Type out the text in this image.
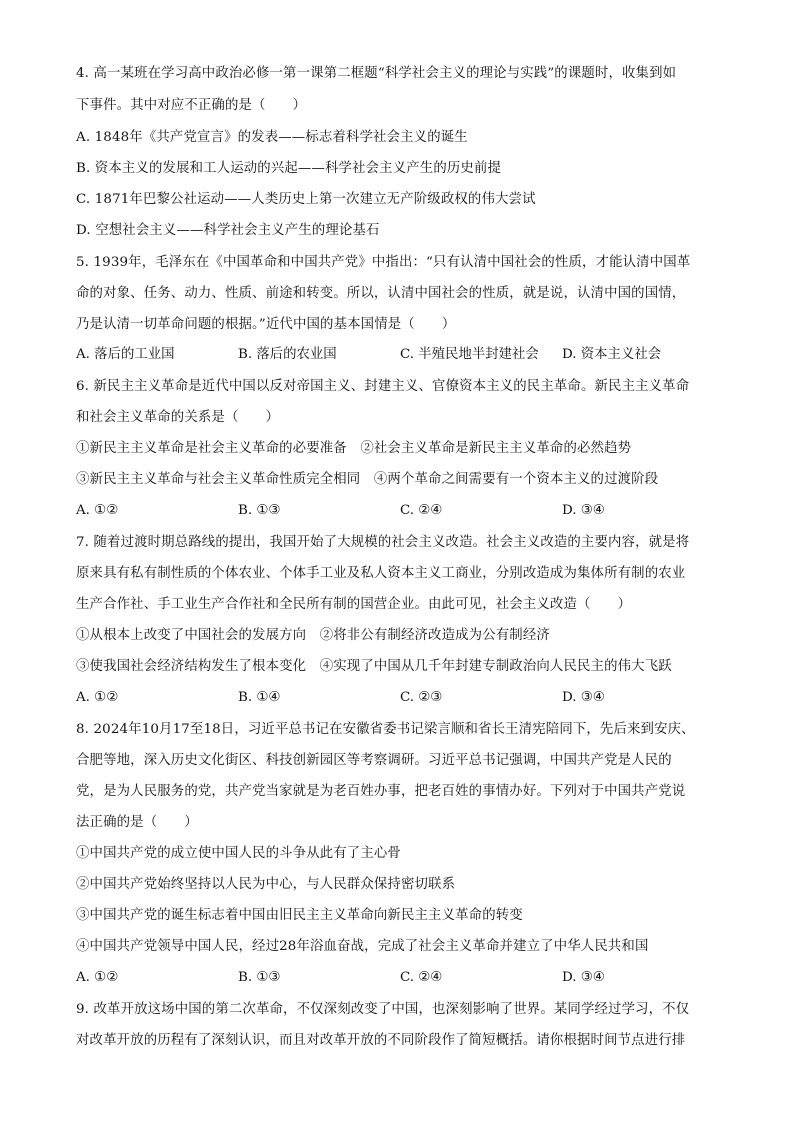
4. 高一某班在学习高中政治必修一第一课第二框题“科学社会主义的理论与实践”的课题时，收集到如
下事件。其中对应不正确的是（　　）
A. 1848年《共产党宣言》的发表——标志着科学社会主义的诞生
B. 资本主义的发展和工人运动的兴起——科学社会主义产生的历史前提
C. 1871年巴黎公社运动——人类历史上第一次建立无产阶级政权的伟大尝试
D. 空想社会主义——科学社会主义产生的理论基石
5. 1939年，毛泽东在《中国革命和中国共产党》中指出：“只有认清中国社会的性质，才能认清中国革
命的对象、任务、动力、性质、前途和转变。所以，认清中国社会的性质，就是说，认清中国的国情，
乃是认清一切革命问题的根据。”近代中国的基本国情是（　　）
A. 落后的工业国	B. 落后的农业国	C. 半殖民地半封建社会 D. 资本主义社会
6. 新民主主义革命是近代中国以反对帝国主义、封建主义、官僚资本主义的民主革命。新民主主义革命
和社会主义革命的关系是（　　）
①新民主主义革命是社会主义革命的必要准备　②社会主义革命是新民主主义革命的必然趋势
③新民主主义革命与社会主义革命性质完全相同　④两个革命之间需要有一个资本主义的过渡阶段
A. ①②	B. ①③	C. ②④	D. ③④
7. 随着过渡时期总路线的提出，我国开始了大规模的社会主义改造。社会主义改造的主要内容，就是将
原来具有私有制性质的个体农业、个体手工业及私人资本主义工商业，分别改造成为集体所有制的农业
生产合作社、手工业生产合作社和全民所有制的国营企业。由此可见，社会主义改造（　　）
①从根本上改变了中国社会的发展方向　②将非公有制经济改造成为公有制经济
③使我国社会经济结构发生了根本变化　④实现了中国从几千年封建专制政治向人民民主的伟大飞跃
A. ①②	B. ①④	C. ②③	D. ③④
8. 2024年10月17至18日，习近平总书记在安徽省委书记梁言顺和省长王清宪陪同下，先后来到安庆、
合肥等地，深入历史文化街区、科技创新园区等考察调研。习近平总书记强调，中国共产党是人民的
党，是为人民服务的党，共产党当家就是为老百姓办事，把老百姓的事情办好。下列对于中国共产党说
法正确的是（　　）
①中国共产党的成立使中国人民的斗争从此有了主心骨
②中国共产党始终坚持以人民为中心，与人民群众保持密切联系
③中国共产党的诞生标志着中国由旧民主主义革命向新民主主义革命的转变
④中国共产党领导中国人民，经过28年浴血奋战，完成了社会主义革命并建立了中华人民共和国
A. ①②	B. ①③	C. ②④	D. ③④
9. 改革开放这场中国的第二次革命，不仅深刻改变了中国，也深刻影响了世界。某同学经过学习，不仅
对改革开放的历程有了深刻认识，而且对改革开放的不同阶段作了简短概括。请你根据时间节点进行排
